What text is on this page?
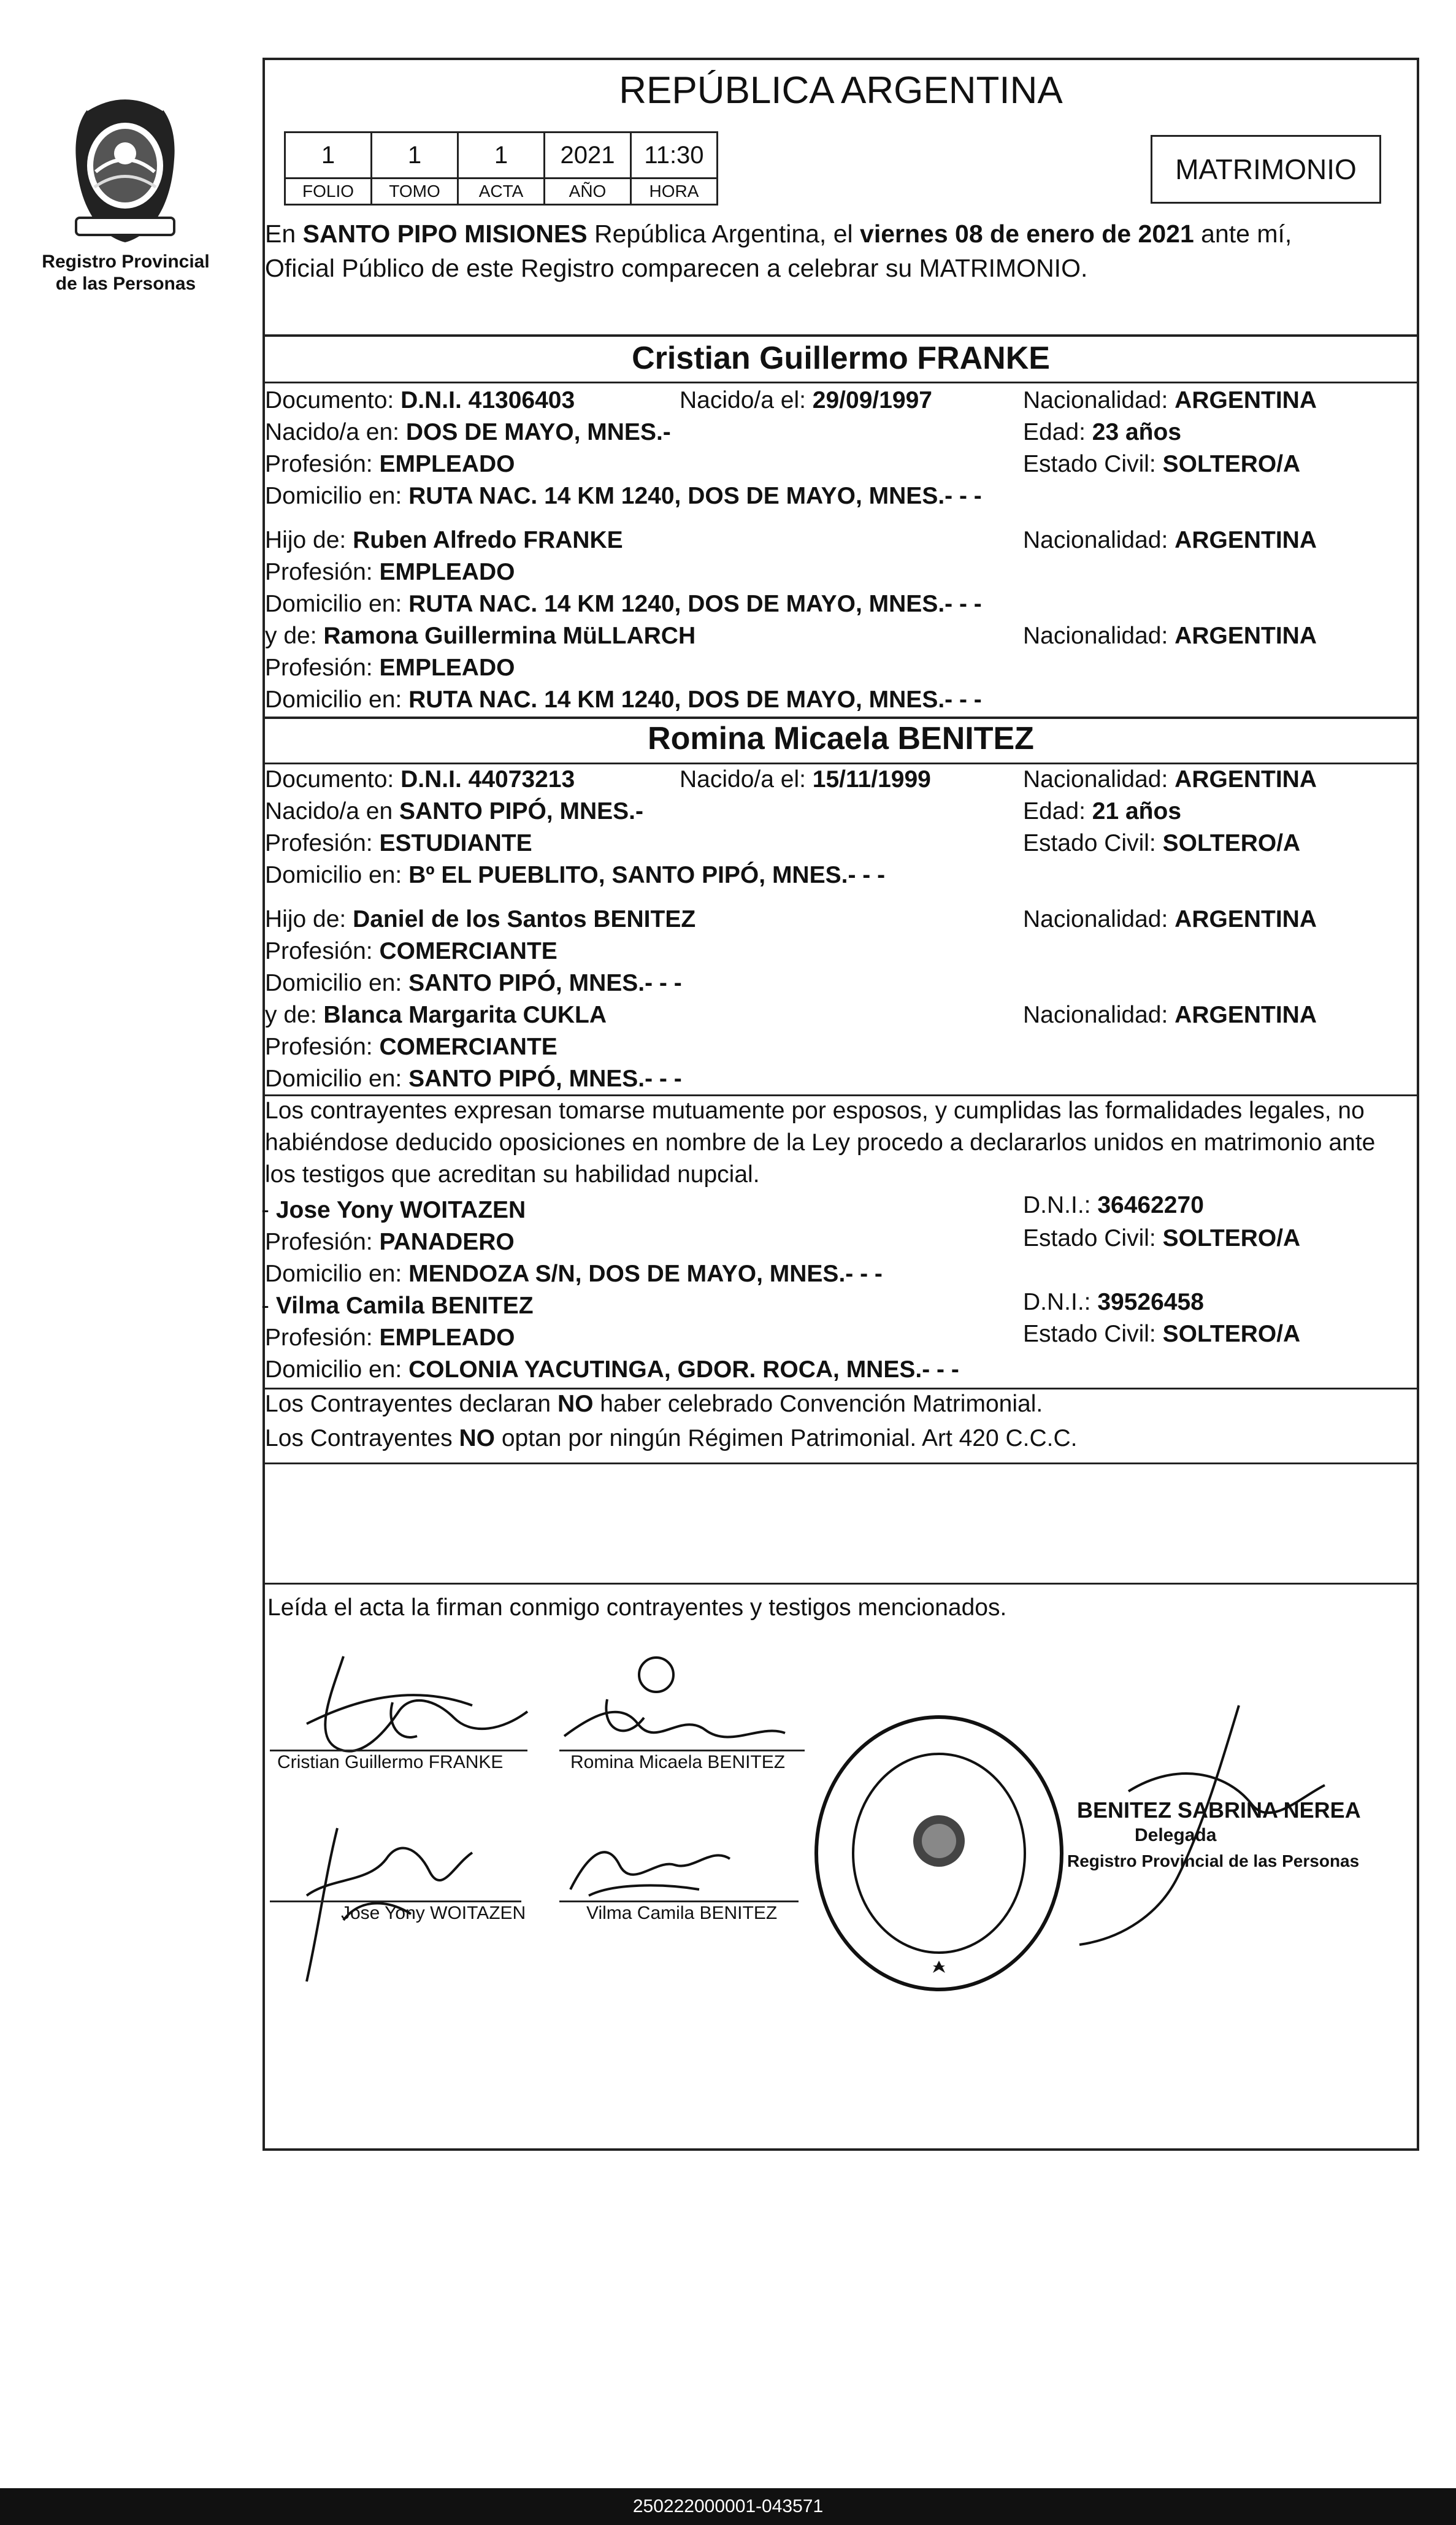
Registro Provincial
de las Personas
REPÚBLICA ARGENTINA
1	1	1	2021	11:30
FOLIO	TOMO	ACTA	AÑO	HORA
MATRIMONIO
En SANTO PIPO MISIONES República Argentina, el viernes 08 de enero de 2021 ante mí,
Oficial Público de este Registro comparecen a celebrar su MATRIMONIO.
Cristian Guillermo FRANKE
Documento: D.N.I. 41306403	Nacido/a el: 29/09/1997	Nacionalidad: ARGENTINA
Nacido/a en: DOS DE MAYO, MNES.-	Edad: 23 años
Profesión: EMPLEADO	Estado Civil: SOLTERO/A
Domicilio en: RUTA NAC. 14 KM 1240, DOS DE MAYO, MNES.- - -
Hijo de: Ruben Alfredo FRANKE	Nacionalidad: ARGENTINA
Profesión: EMPLEADO
Domicilio en: RUTA NAC. 14 KM 1240, DOS DE MAYO, MNES.- - -
y de: Ramona Guillermina MüLLARCH	Nacionalidad: ARGENTINA
Profesión: EMPLEADO
Domicilio en: RUTA NAC. 14 KM 1240, DOS DE MAYO, MNES.- - -
Romina Micaela BENITEZ
Documento: D.N.I. 44073213	Nacido/a el: 15/11/1999	Nacionalidad: ARGENTINA
Nacido/a en SANTO PIPÓ, MNES.-	Edad: 21 años
Profesión: ESTUDIANTE	Estado Civil: SOLTERO/A
Domicilio en: Bº EL PUEBLITO, SANTO PIPÓ, MNES.- - -
Hijo de: Daniel de los Santos BENITEZ	Nacionalidad: ARGENTINA
Profesión: COMERCIANTE
Domicilio en: SANTO PIPÓ, MNES.- - -
y de: Blanca Margarita CUKLA	Nacionalidad: ARGENTINA
Profesión: COMERCIANTE
Domicilio en: SANTO PIPÓ, MNES.- - -
Los contrayentes expresan tomarse mutuamente por esposos, y cumplidas las formalidades legales, no
habiéndose deducido oposiciones en nombre de la Ley procedo a declararlos unidos en matrimonio ante
los testigos que acreditan su habilidad nupcial.
- Jose Yony WOITAZEN	D.N.I.: 36462270
Profesión: PANADERO	Estado Civil: SOLTERO/A
Domicilio en: MENDOZA S/N, DOS DE MAYO, MNES.- - -
- Vilma Camila BENITEZ	D.N.I.: 39526458
Profesión: EMPLEADO	Estado Civil: SOLTERO/A
Domicilio en: COLONIA YACUTINGA, GDOR. ROCA, MNES.- - -
Los Contrayentes declaran NO haber celebrado Convención Matrimonial.
Los Contrayentes NO optan por ningún Régimen Patrimonial. Art 420 C.C.C.
Leída el acta la firman conmigo contrayentes y testigos mencionados.
Cristian Guillermo FRANKE	Romina Micaela BENITEZ
Jose Yony WOITAZEN	Vilma Camila BENITEZ
BENITEZ SABRINA NEREA
Delegada
Registro Provincial de las Personas
250222000001-043571
